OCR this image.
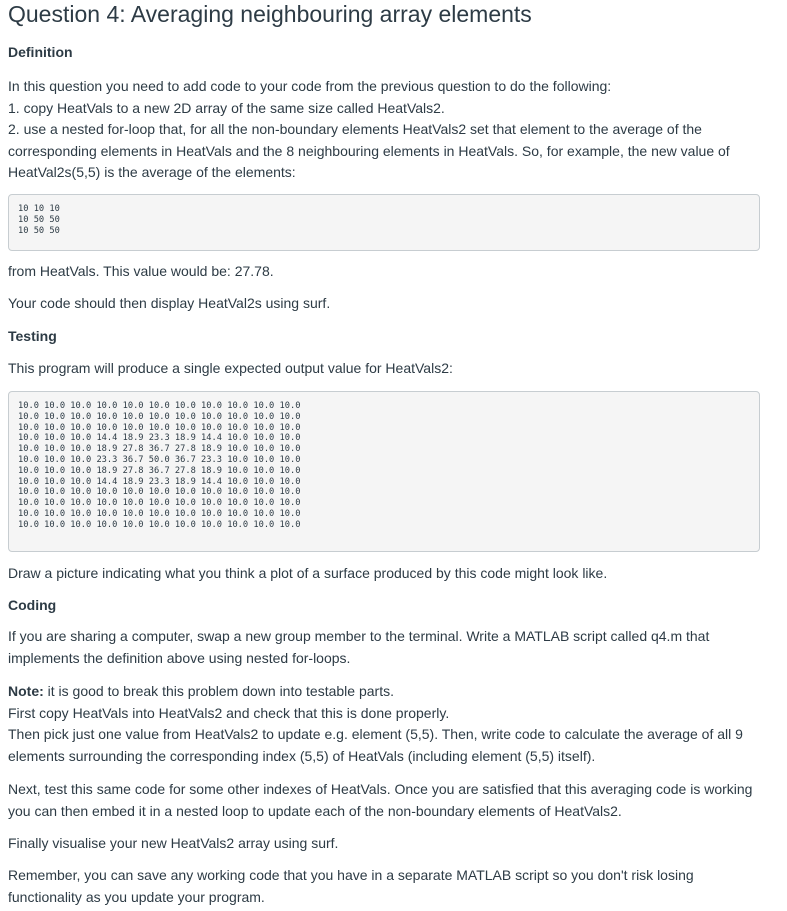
Question 4: Averaging neighbouring array elements
Definition

In this question you need to add code to your code from the previous question to do the following:
1. copy HeatVals to a new 2D array of the same size called HeatVals2.
2. use a nested for-loop that, for all the non-boundary elements HeatVals2 set that element to the average of the
corresponding elements in HeatVals and the 8 neighbouring elements in HeatVals. So, for example, the new value of
HeatVal2s(5,5) is the average of the elements:

10 10 10
10 50 50
10 50 50

from HeatVals. This value would be: 27.78.

Your code should then display HeatVal2s using surf.

Testing

This program will produce a single expected output value for HeatVals2:

10.0 10.0 10.0 10.0 10.0 10.0 10.0 10.0 10.0 10.0 10.0
10.0 10.0 10.0 10.0 10.0 10.0 10.0 10.0 10.0 10.0 10.0
10.0 10.0 10.0 10.0 10.0 10.0 10.0 10.0 10.0 10.0 10.0
10.0 10.0 10.0 14.4 18.9 23.3 18.9 14.4 10.0 10.0 10.0
10.0 10.0 10.0 18.9 27.8 36.7 27.8 18.9 10.0 10.0 10.0
10.0 10.0 10.0 23.3 36.7 50.0 36.7 23.3 10.0 10.0 10.0
10.0 10.0 10.0 18.9 27.8 36.7 27.8 18.9 10.0 10.0 10.0
10.0 10.0 10.0 14.4 18.9 23.3 18.9 14.4 10.0 10.0 10.0
10.0 10.0 10.0 10.0 10.0 10.0 10.0 10.0 10.0 10.0 10.0
10.0 10.0 10.0 10.0 10.0 10.0 10.0 10.0 10.0 10.0 10.0
10.0 10.0 10.0 10.0 10.0 10.0 10.0 10.0 10.0 10.0 10.0
10.0 10.0 10.0 10.0 10.0 10.0 10.0 10.0 10.0 10.0 10.0

Draw a picture indicating what you think a plot of a surface produced by this code might look like.

Coding

If you are sharing a computer, swap a new group member to the terminal. Write a MATLAB script called q4.m that
implements the definition above using nested for-loops.

Note: it is good to break this problem down into testable parts.
First copy HeatVals into HeatVals2 and check that this is done properly.
Then pick just one value from HeatVals2 to update e.g. element (5,5). Then, write code to calculate the average of all 9
elements surrounding the corresponding index (5,5) of HeatVals (including element (5,5) itself).

Next, test this same code for some other indexes of HeatVals. Once you are satisfied that this averaging code is working
you can then embed it in a nested loop to update each of the non-boundary elements of HeatVals2.

Finally visualise your new HeatVals2 array using surf.

Remember, you can save any working code that you have in a separate MATLAB script so you don't risk losing
functionality as you update your program.
